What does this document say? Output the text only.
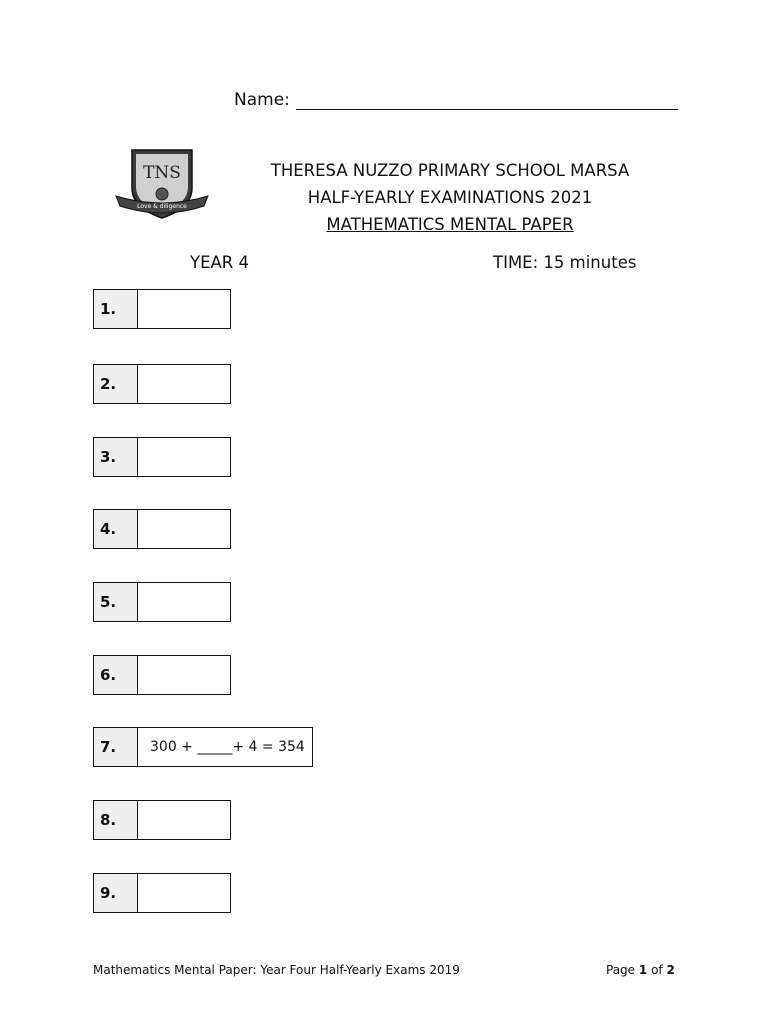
Name:
TNS
Love & diligence
THERESA NUZZO PRIMARY SCHOOL MARSA
HALF-YEARLY EXAMINATIONS 2021
MATHEMATICS MENTAL PAPER
YEAR 4	TIME: 15 minutes
1.
2.
3.
4.
5.
6.
7.	300 + _____+ 4 = 354
8.
9.
Mathematics Mental Paper: Year Four Half-Yearly Exams 2019	Page 1 of 2
